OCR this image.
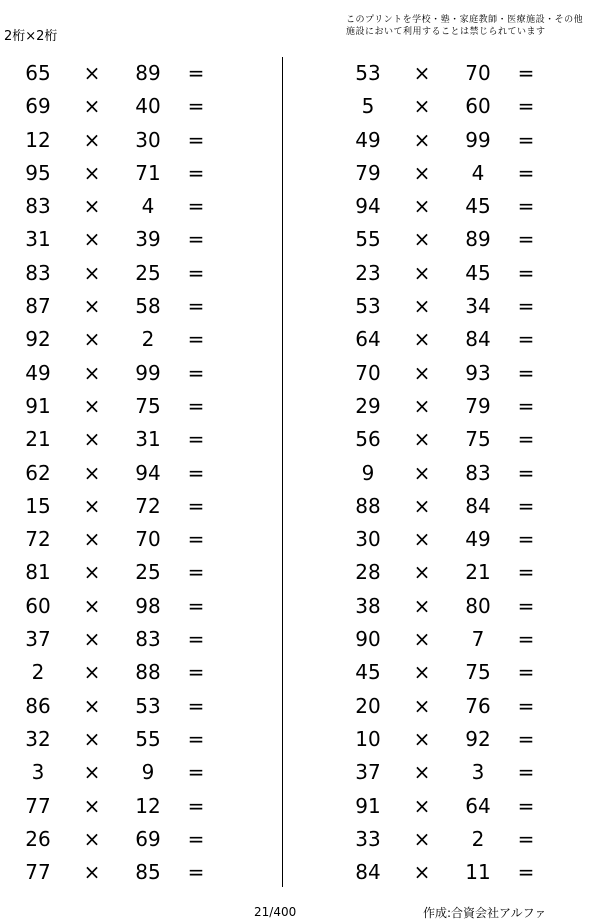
2桁×2桁
このプリントを学校・塾・家庭教師・医療施設・その他
施設において利用することは禁じられています
65	×	89	=
69	×	40	=
12	×	30	=
95	×	71	=
83	×	4	=
31	×	39	=
83	×	25	=
87	×	58	=
92	×	2	=
49	×	99	=
91	×	75	=
21	×	31	=
62	×	94	=
15	×	72	=
72	×	70	=
81	×	25	=
60	×	98	=
37	×	83	=
2	×	88	=
86	×	53	=
32	×	55	=
3	×	9	=
77	×	12	=
26	×	69	=
77	×	85	=
53	×	70	=
5	×	60	=
49	×	99	=
79	×	4	=
94	×	45	=
55	×	89	=
23	×	45	=
53	×	34	=
64	×	84	=
70	×	93	=
29	×	79	=
56	×	75	=
9	×	83	=
88	×	84	=
30	×	49	=
28	×	21	=
38	×	80	=
90	×	7	=
45	×	75	=
20	×	76	=
10	×	92	=
37	×	3	=
91	×	64	=
33	×	2	=
84	×	11	=
21/400	作成:合資会社アルファ
